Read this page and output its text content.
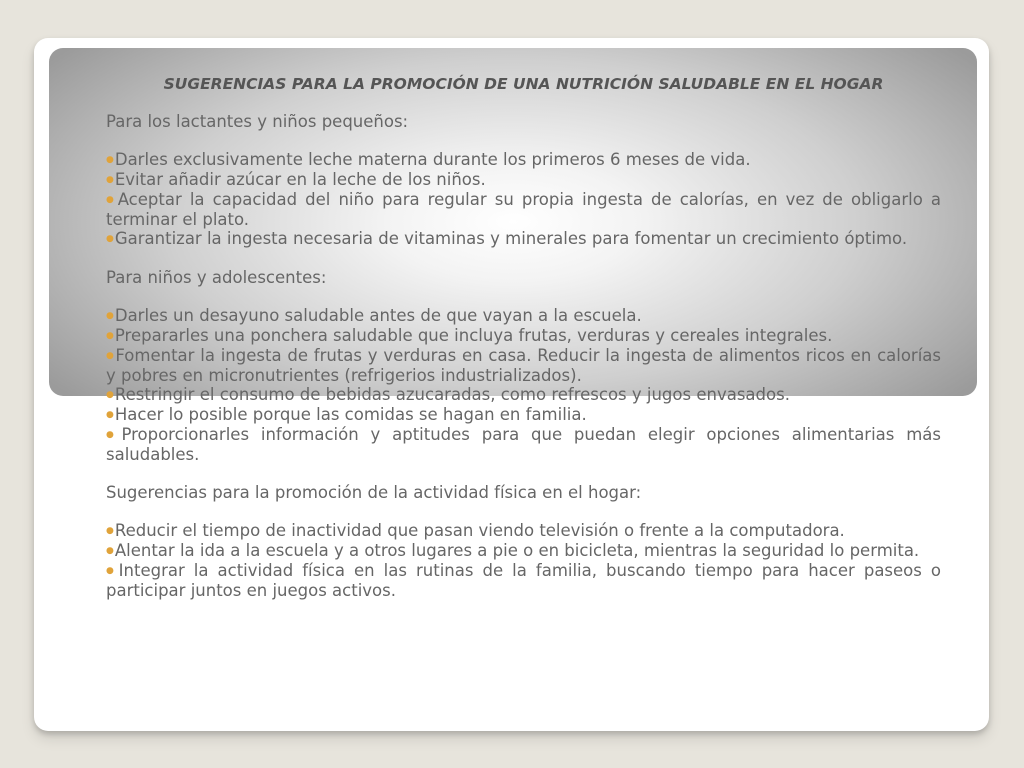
SUGERENCIAS PARA LA PROMOCIÓN DE UNA NUTRICIÓN SALUDABLE EN EL HOGAR

Para los lactantes y niños pequeños:

●Darles exclusivamente leche materna durante los primeros 6 meses de vida.
●Evitar añadir azúcar en la leche de los niños.
●Aceptar la capacidad del niño para regular su propia ingesta de calorías, en vez de obligarlo a terminar el plato.
●Garantizar la ingesta necesaria de vitaminas y minerales para fomentar un crecimiento óptimo.

Para niños y adolescentes:

●Darles un desayuno saludable antes de que vayan a la escuela.
●Prepararles una ponchera saludable que incluya frutas, verduras y cereales integrales.
●Fomentar la ingesta de frutas y verduras en casa. Reducir la ingesta de alimentos ricos en calorías y pobres en micronutrientes (refrigerios industrializados).
●Restringir el consumo de bebidas azucaradas, como refrescos y jugos envasados.
●Hacer lo posible porque las comidas se hagan en familia.
●Proporcionarles información y aptitudes para que puedan elegir opciones alimentarias más saludables.

Sugerencias para la promoción de la actividad física en el hogar:

●Reducir el tiempo de inactividad que pasan viendo televisión o frente a la computadora.
●Alentar la ida a la escuela y a otros lugares a pie o en bicicleta, mientras la seguridad lo permita.
●Integrar la actividad física en las rutinas de la familia, buscando tiempo para hacer paseos o participar juntos en juegos activos.
